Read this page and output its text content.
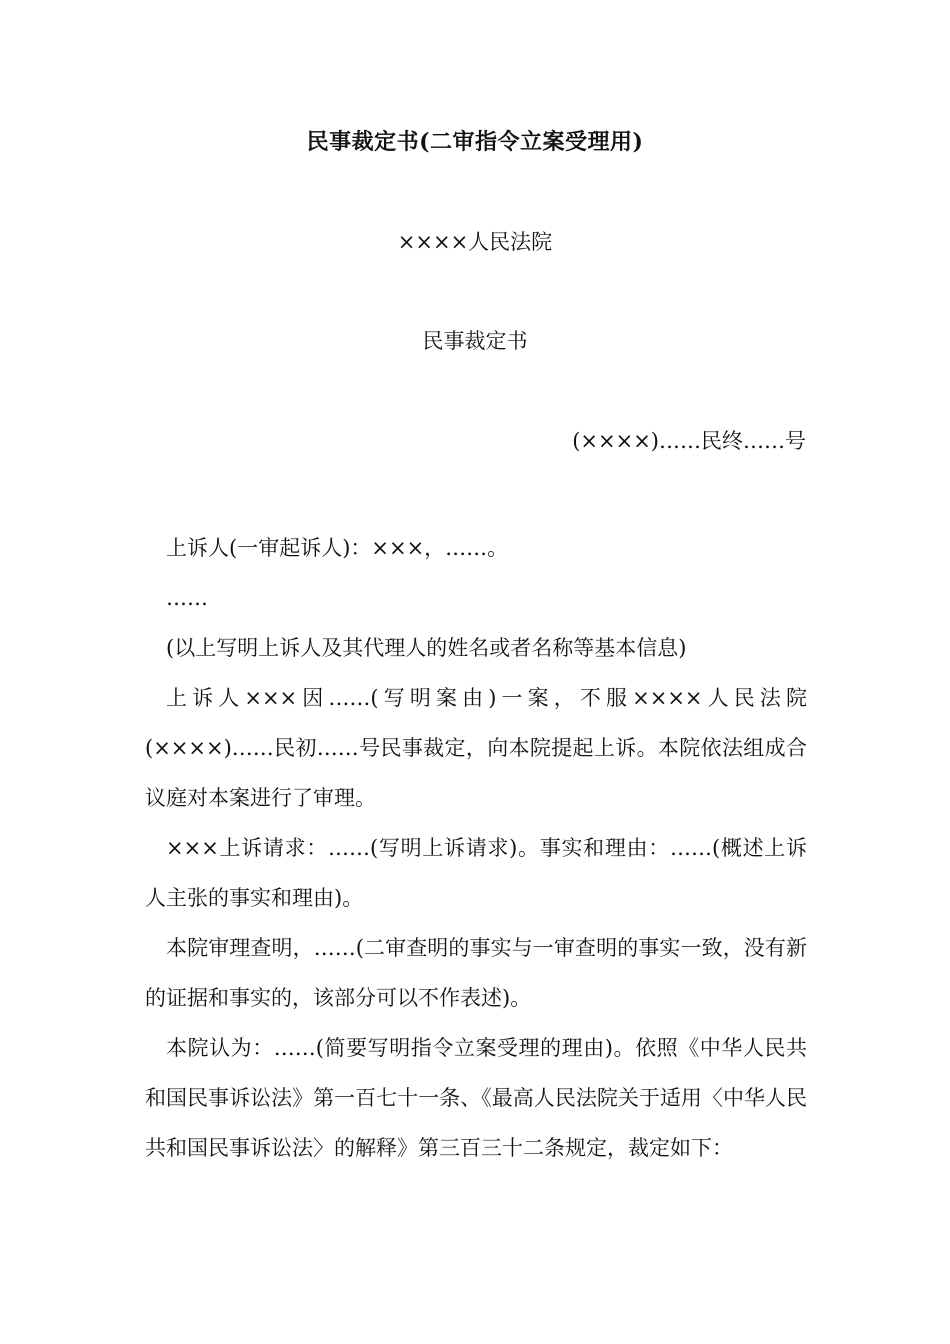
民事裁定书(二审指令立案受理用)
××××人民法院
民事裁定书
(××××)……民终……号

上诉人(一审起诉人)：×××，……。

……

(以上写明上诉人及其代理人的姓名或者名称等基本信息)

上诉人×××因……(写明案由)一案，不服××××人民法院(××××)……民初……号民事裁定，向本院提起上诉。本院依法组成合议庭对本案进行了审理。

×××上诉请求：……(写明上诉请求)。事实和理由：……(概述上诉人主张的事实和理由)。

本院审理查明，……(二审查明的事实与一审查明的事实一致，没有新的证据和事实的，该部分可以不作表述)。

本院认为：……(简要写明指令立案受理的理由)。依照《中华人民共和国民事诉讼法》第一百七十一条、《最高人民法院关于适用〈中华人民共和国民事诉讼法〉的解释》第三百三十二条规定，裁定如下：
